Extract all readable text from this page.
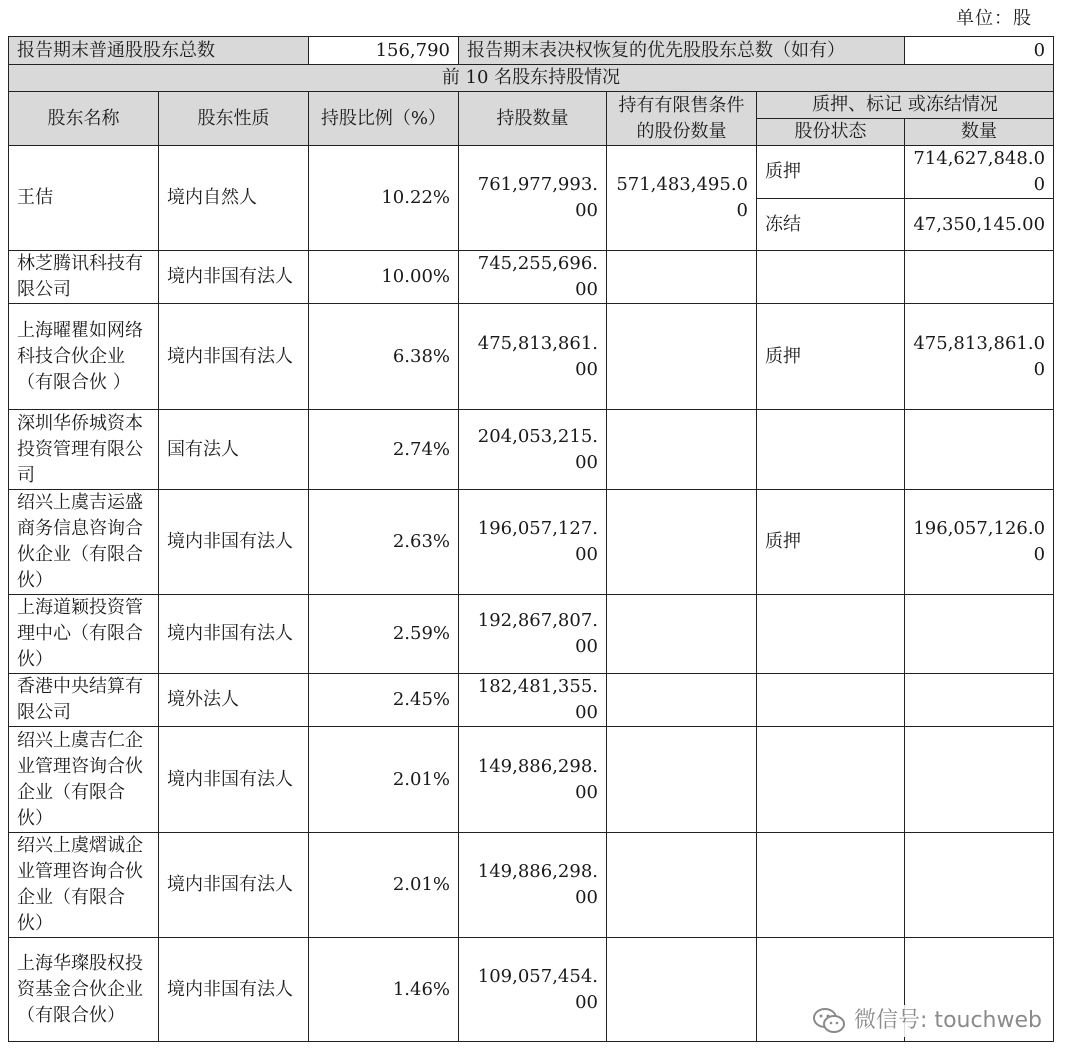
单位：股
报告期末普通股股东总数		156,790	报告期末表决权恢复的优先股股东总数（如有）			0
前 10 名股东持股情况						
股东名称	股东性质	持股比例（%）	持股数量	持有有限售条件的股份数量	质押、标记 或冻结情况	
					股份状态	数量
王佶	境内自然人	10.22%	761,977,993.00	571,483,495.00	质押	714,627,848.00
					冻结	47,350,145.00
林芝腾讯科技有限公司	境内非国有法人	10.00%	745,255,696.00			
上海曜瞿如网络科技合伙企业（有限合伙 ）	境内非国有法人	6.38%	475,813,861.00		质押	475,813,861.00
深圳华侨城资本投资管理有限公司	国有法人	2.74%	204,053,215.00			
绍兴上虞吉运盛商务信息咨询合伙企业（有限合伙）	境内非国有法人	2.63%	196,057,127.00		质押	196,057,126.00
上海道颖投资管理中心（有限合伙）	境内非国有法人	2.59%	192,867,807.00			
香港中央结算有限公司	境外法人	2.45%	182,481,355.00			
绍兴上虞吉仁企业管理咨询合伙企业（有限合伙）	境内非国有法人	2.01%	149,886,298.00			
绍兴上虞熠诚企业管理咨询合伙企业（有限合伙）	境内非国有法人	2.01%	149,886,298.00			
上海华璨股权投资基金合伙企业（有限合伙）	境内非国有法人	1.46%	109,057,454.00			
微信号: touchweb
